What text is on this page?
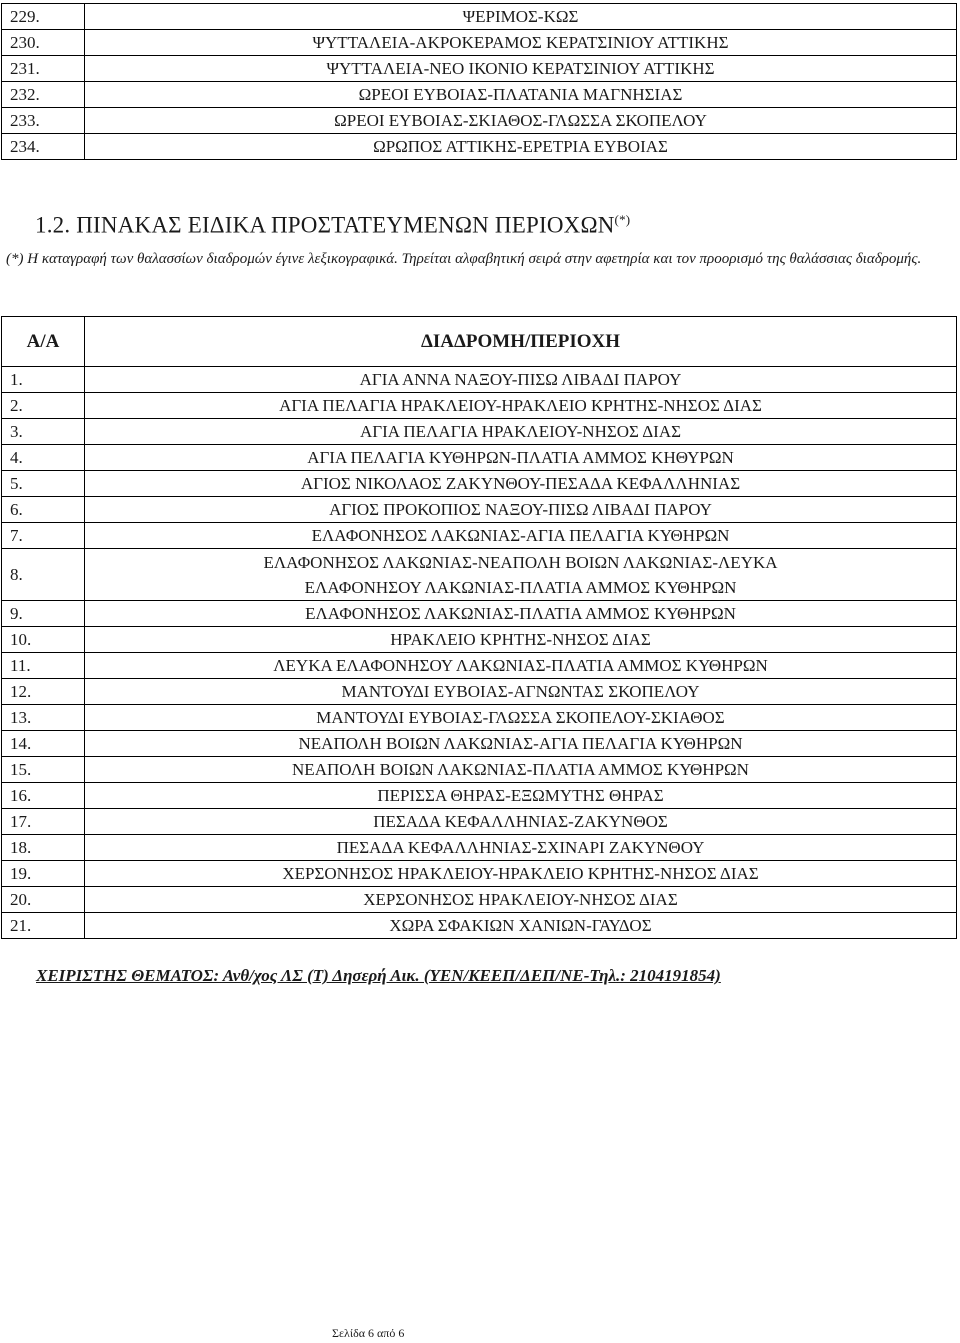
229.	ΨΕΡΙΜΟΣ-ΚΩΣ
230.	ΨΥΤΤΑΛΕΙΑ-ΑΚΡΟΚΕΡΑΜΟΣ ΚΕΡΑΤΣΙΝΙΟΥ ΑΤΤΙΚΗΣ
231.	ΨΥΤΤΑΛΕΙΑ-ΝΕΟ ΙΚΟΝΙΟ ΚΕΡΑΤΣΙΝΙΟΥ ΑΤΤΙΚΗΣ
232.	ΩΡΕΟΙ ΕΥΒΟΙΑΣ-ΠΛΑΤΑΝΙΑ ΜΑΓΝΗΣΙΑΣ
233.	ΩΡΕΟΙ ΕΥΒΟΙΑΣ-ΣΚΙΑΘΟΣ-ΓΛΩΣΣΑ ΣΚΟΠΕΛΟΥ
234.	ΩΡΩΠΟΣ ΑΤΤΙΚΗΣ-ΕΡΕΤΡΙΑ ΕΥΒΟΙΑΣ
1.2. ΠΙΝΑΚΑΣ ΕΙΔΙΚΑ ΠΡΟΣΤΑΤΕΥΜΕΝΩΝ ΠΕΡΙΟΧΩΝ(*)
(*) Η καταγραφή των θαλασσίων διαδρομών έγινε λεξικογραφικά. Τηρείται αλφαβητική σειρά στην αφετηρία και τον προορισμό της θαλάσσιας διαδρομής.
Α/Α	ΔΙΑΔΡΟΜΗ/ΠΕΡΙΟΧΗ
1.	ΑΓΙΑ ΑΝΝΑ ΝΑΞΟΥ-ΠΙΣΩ ΛΙΒΑΔΙ ΠΑΡΟΥ
2.	ΑΓΙΑ ΠΕΛΑΓΙΑ ΗΡΑΚΛΕΙΟΥ-ΗΡΑΚΛΕΙΟ ΚΡΗΤΗΣ-ΝΗΣΟΣ ΔΙΑΣ
3.	ΑΓΙΑ ΠΕΛΑΓΙΑ ΗΡΑΚΛΕΙΟΥ-ΝΗΣΟΣ ΔΙΑΣ
4.	ΑΓΙΑ ΠΕΛΑΓΙΑ ΚΥΘΗΡΩΝ-ΠΛΑΤΙΑ ΑΜΜΟΣ ΚΗΘΥΡΩΝ
5.	ΑΓΙΟΣ ΝΙΚΟΛΑΟΣ ΖΑΚΥΝΘΟΥ-ΠΕΣΑΔΑ ΚΕΦΑΛΛΗΝΙΑΣ
6.	ΑΓΙΟΣ ΠΡΟΚΟΠΙΟΣ ΝΑΞΟΥ-ΠΙΣΩ ΛΙΒΑΔΙ ΠΑΡΟΥ
7.	ΕΛΑΦΟΝΗΣΟΣ ΛΑΚΩΝΙΑΣ-ΑΓΙΑ ΠΕΛΑΓΙΑ ΚΥΘΗΡΩΝ
8.	ΕΛΑΦΟΝΗΣΟΣ ΛΑΚΩΝΙΑΣ-ΝΕΑΠΟΛΗ ΒΟΙΩΝ ΛΑΚΩΝΙΑΣ-ΛΕΥΚΑ
ΕΛΑΦΟΝΗΣΟΥ ΛΑΚΩΝΙΑΣ-ΠΛΑΤΙΑ ΑΜΜΟΣ ΚΥΘΗΡΩΝ

9.	ΕΛΑΦΟΝΗΣΟΣ ΛΑΚΩΝΙΑΣ-ΠΛΑΤΙΑ ΑΜΜΟΣ ΚΥΘΗΡΩΝ
10.	ΗΡΑΚΛΕΙΟ ΚΡΗΤΗΣ-ΝΗΣΟΣ ΔΙΑΣ
11.	ΛΕΥΚΑ ΕΛΑΦΟΝΗΣΟΥ ΛΑΚΩΝΙΑΣ-ΠΛΑΤΙΑ ΑΜΜΟΣ ΚΥΘΗΡΩΝ
12.	ΜΑΝΤΟΥΔΙ ΕΥΒΟΙΑΣ-ΑΓΝΩΝΤΑΣ ΣΚΟΠΕΛΟΥ
13.	ΜΑΝΤΟΥΔΙ ΕΥΒΟΙΑΣ-ΓΛΩΣΣΑ ΣΚΟΠΕΛΟΥ-ΣΚΙΑΘΟΣ
14.	ΝΕΑΠΟΛΗ ΒΟΙΩΝ ΛΑΚΩΝΙΑΣ-ΑΓΙΑ ΠΕΛΑΓΙΑ ΚΥΘΗΡΩΝ
15.	ΝΕΑΠΟΛΗ ΒΟΙΩΝ ΛΑΚΩΝΙΑΣ-ΠΛΑΤΙΑ ΑΜΜΟΣ ΚΥΘΗΡΩΝ
16.	ΠΕΡΙΣΣΑ ΘΗΡΑΣ-ΕΞΩΜΥΤΗΣ ΘΗΡΑΣ
17.	ΠΕΣΑΔΑ ΚΕΦΑΛΛΗΝΙΑΣ-ΖΑΚΥΝΘΟΣ
18.	ΠΕΣΑΔΑ ΚΕΦΑΛΛΗΝΙΑΣ-ΣΧΙΝΑΡΙ ΖΑΚΥΝΘΟΥ
19.	ΧΕΡΣΟΝΗΣΟΣ ΗΡΑΚΛΕΙΟΥ-ΗΡΑΚΛΕΙΟ ΚΡΗΤΗΣ-ΝΗΣΟΣ ΔΙΑΣ
20.	ΧΕΡΣΟΝΗΣΟΣ ΗΡΑΚΛΕΙΟΥ-ΝΗΣΟΣ ΔΙΑΣ
21.	ΧΩΡΑ ΣΦΑΚΙΩΝ ΧΑΝΙΩΝ-ΓΑΥΔΟΣ
ΧΕΙΡΙΣΤΗΣ ΘΕΜΑΤΟΣ: Ανθ/χος ΛΣ (Τ) Δησερή Αικ. (ΥΕΝ/ΚΕΕΠ/ΔΕΠ/ΝΕ-Τηλ.: 2104191854)
Σελίδα 6 από 6
